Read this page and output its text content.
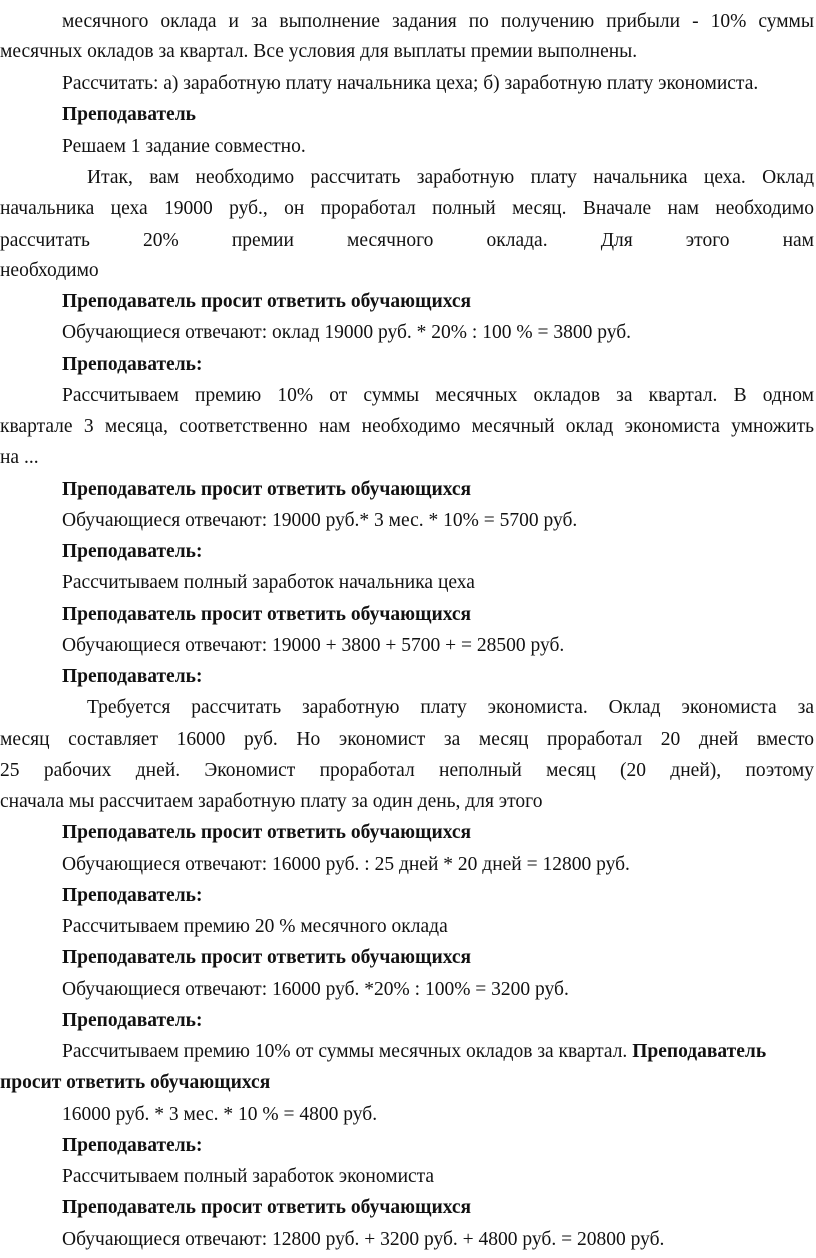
месячного оклада и за выполнение задания по получению прибыли - 10% суммы
месячных окладов за квартал. Все условия для выплаты премии выполнены.
Рассчитать: а) заработную плату начальника цеха; б) заработную плату экономиста.
Преподаватель
Решаем 1 задание совместно.
Итак, вам необходимо рассчитать заработную плату начальника цеха. Оклад
начальника цеха 19000 руб., он проработал полный месяц. Вначале нам необходимо
рассчитать 20% премии месячного оклада. Для этого нам
необходимо
Преподаватель просит ответить обучающихся
Обучающиеся отвечают: оклад 19000 руб. * 20% : 100 % = 3800 руб.
Преподаватель:
Рассчитываем премию 10% от суммы месячных окладов за квартал. В одном
квартале 3 месяца, соответственно нам необходимо месячный оклад экономиста умножить
на ...
Преподаватель просит ответить обучающихся
Обучающиеся отвечают: 19000 руб.* 3 мес. * 10% = 5700 руб.
Преподаватель:
Рассчитываем полный заработок начальника цеха
Преподаватель просит ответить обучающихся
Обучающиеся отвечают: 19000 + 3800 + 5700 + = 28500 руб.
Преподаватель:
Требуется рассчитать заработную плату экономиста. Оклад экономиста за
месяц составляет 16000 руб. Но экономист за месяц проработал 20 дней вместо
25 рабочих дней. Экономист проработал неполный месяц (20 дней), поэтому
сначала мы рассчитаем заработную плату за один день, для этого
Преподаватель просит ответить обучающихся
Обучающиеся отвечают: 16000 руб. : 25 дней * 20 дней = 12800 руб.
Преподаватель:
Рассчитываем премию 20 % месячного оклада
Преподаватель просит ответить обучающихся
Обучающиеся отвечают: 16000 руб. *20% : 100% = 3200 руб.
Преподаватель:
Рассчитываем премию 10% от суммы месячных окладов за квартал. Преподаватель
просит ответить обучающихся
16000 руб. * 3 мес. * 10 % = 4800 руб.
Преподаватель:
Рассчитываем полный заработок экономиста
Преподаватель просит ответить обучающихся
Обучающиеся отвечают: 12800 руб. + 3200 руб. + 4800 руб. = 20800 руб.
